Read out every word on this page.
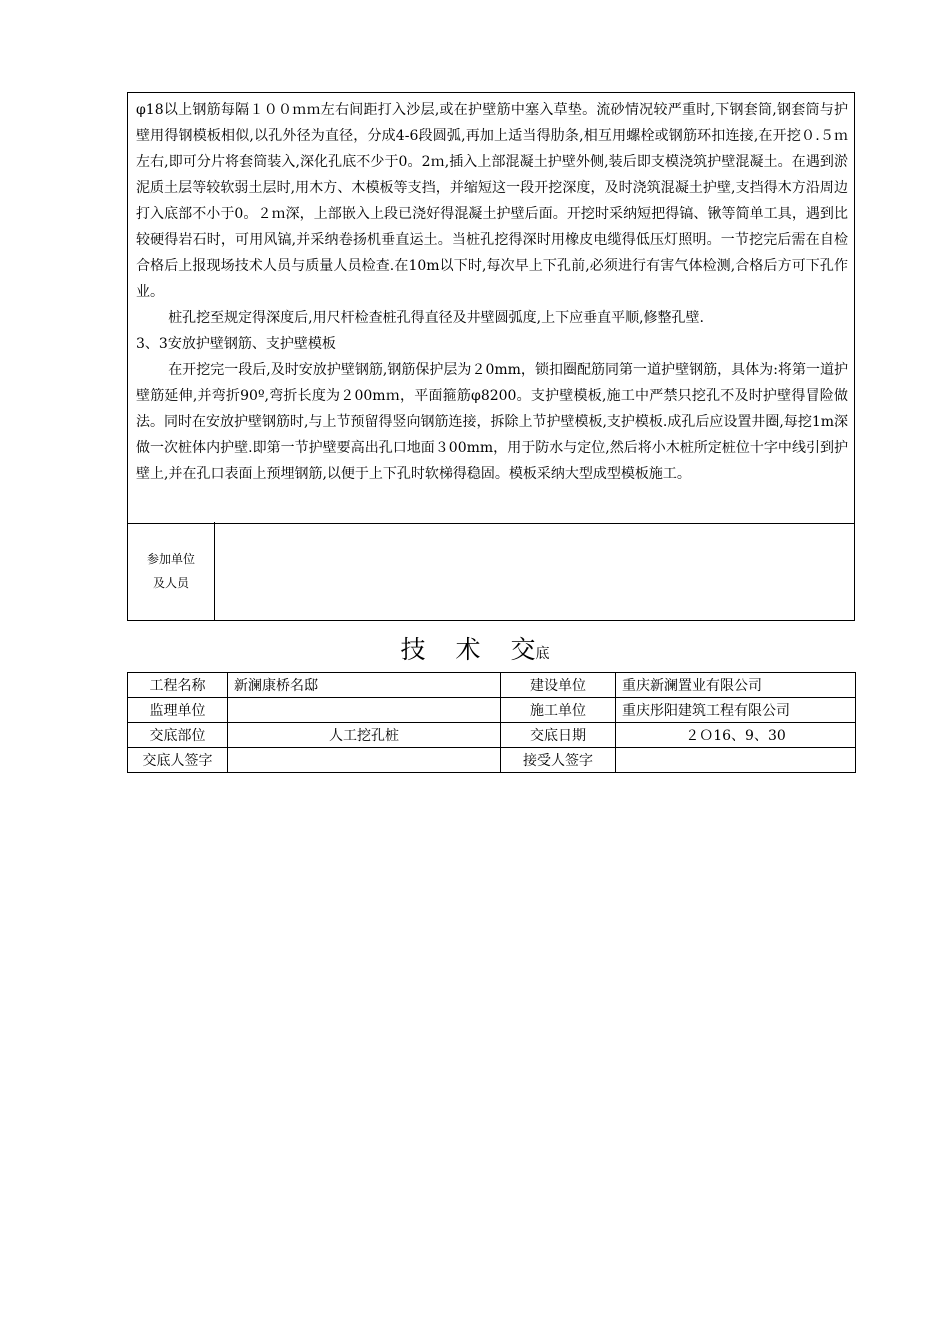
φ18以上钢筋每隔１００ｍｍ左右间距打入沙层,或在护壁筋中塞入草垫。流砂情况较严重时,下钢套筒,钢套筒与护壁用得钢模板相似,以孔外径为直径，分成4-6段圆弧,再加上适当得肋条,相互用螺栓或钢筋环扣连接,在开挖０.５ｍ左右,即可分片将套筒装入,深化孔底不少于0。2ｍ,插入上部混凝土护壁外侧,装后即支模浇筑护壁混凝土。在遇到淤泥质土层等较软弱土层时,用木方、木模板等支挡，并缩短这一段开挖深度，及时浇筑混凝土护壁,支挡得木方沿周边打入底部不小于0。２ｍ深，上部嵌入上段已浇好得混凝土护壁后面。开挖时采纳短把得镐、锹等简单工具，遇到比较硬得岩石时，可用风镐,并采纳卷扬机垂直运土。当桩孔挖得深时用橡皮电缆得低压灯照明。一节挖完后需在自检合格后上报现场技术人员与质量人员检查.在10m以下时,每次早上下孔前,必须进行有害气体检测,合格后方可下孔作业。

桩孔挖至规定得深度后,用尺杆检查桩孔得直径及井壁圆弧度,上下应垂直平顺,修整孔壁.

3、3安放护壁钢筋、支护壁模板

在开挖完一段后,及时安放护壁钢筋,钢筋保护层为２0mm，锁扣圈配筋同第一道护壁钢筋，具体为:将第一道护壁筋延伸,并弯折90º,弯折长度为２00mｍ，平面箍筋φ8200。支护壁模板,施工中严禁只挖孔不及时护壁得冒险做法。同时在安放护壁钢筋时,与上节预留得竖向钢筋连接，拆除上节护壁模板,支护模板.成孔后应设置井圈,每挖1m深做一次桩体内护壁.即第一节护壁要高出孔口地面３00mm，用于防水与定位,然后将小木桩所定桩位十字中线引到护壁上,并在孔口表面上预埋钢筋,以便于上下孔时软梯得稳固。模板采纳大型成型模板施工。

参加单位
及人员
技 术 交底
工程名称	新澜康桥名邸	建设单位	重庆新澜置业有限公司
监理单位		施工单位	重庆彤阳建筑工程有限公司
交底部位	人工挖孔桩	交底日期	２Ｏ16、9、30
交底人签字		接受人签字	
